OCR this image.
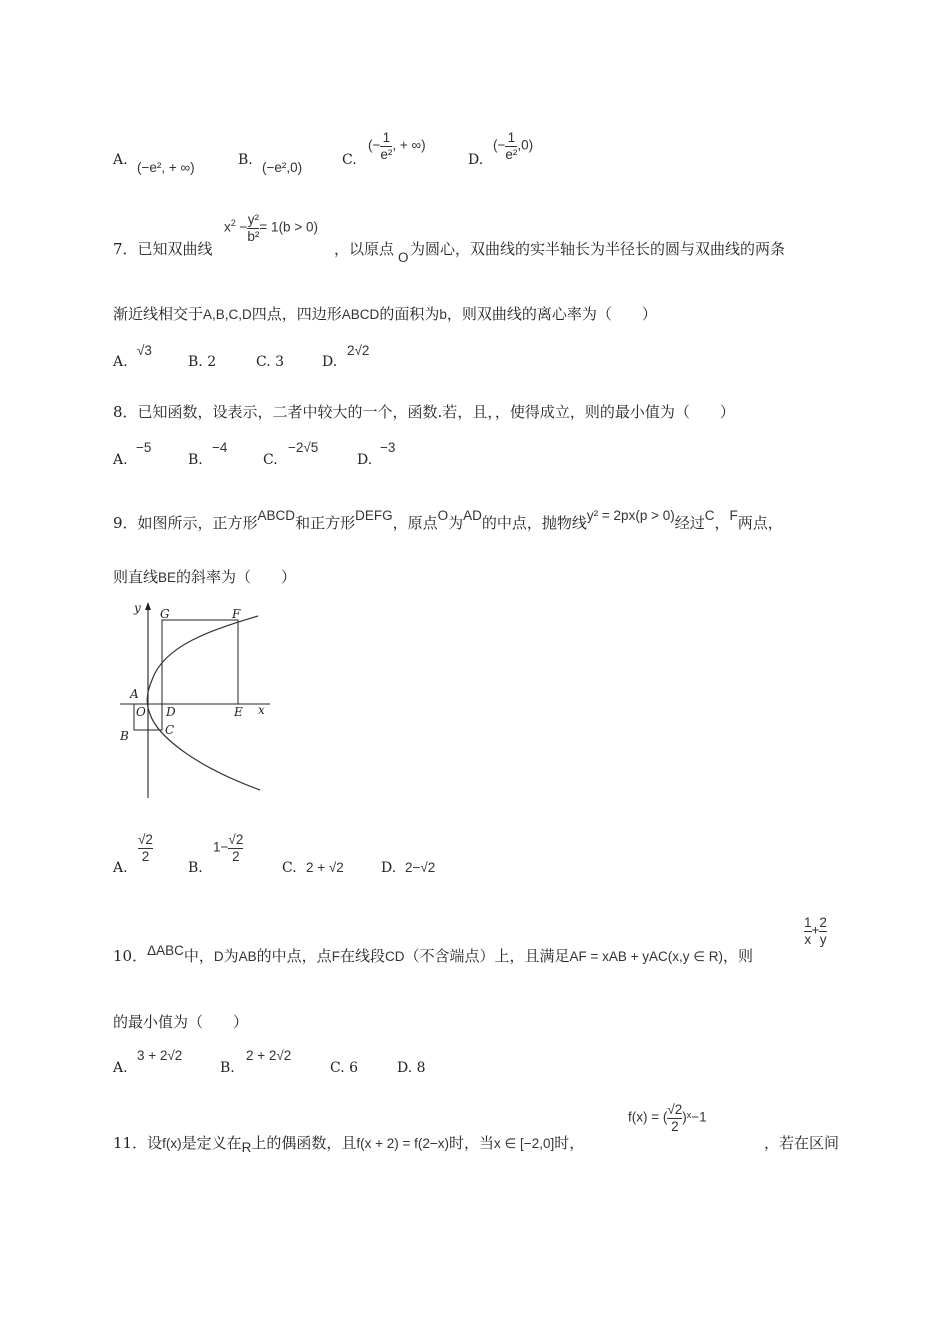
A. (−e², + ∞)	B. (−e²,0)	C.
(− $\frac{1}{\text{e²}}$ , + ∞)
D.
(− $\frac{1}{\text{e²}} ,0$)
7．已知双曲线
$x^2 - \frac{\text{y²}}{\text{b²}} = 1(b > 0)$
，以原点 O 为圆心，双曲线的实半轴长为半径长的圆与双曲线的两条
渐近线相交于A,B,C,D四点，四边形ABCD的面积为b，则双曲线的离心率为（　　）
A.
√3
B. 2	C. 3	D.
2√2
8．已知函数，设表示，二者中较大的一个，函数.若，且，，使得成立，则的最小值为（　　）
A.
−5
B.
−4
C.
−2√5
D.
−3
9．如图所示，正方形ABCD和正方形DEFG，原点O为AD的中点，抛物线y² = 2px(p > 0)经过C，F两点，
则直线BE的斜率为（　　）
y G	F
A
O D	E x
B	C
A.
$\frac{√2}{2}$
B.
$1- \frac{√2}{2}$
C. 2 + √2	D. 2−√2
10．ΔABC中，D为AB的中点，点F在线段CD（不含端点）上，且满足AF = xAB + yAC(x,y ∈ R)，则
$\frac{1}{x} + \frac{2}{y}$
的最小值为（　　）
A.
3 + 2√2
B.
2 + 2√2
C. 6	D. 8
11．设f(x)是定义在R上的偶函数，且f(x + 2) = f(2−x)时，当x ∈ [−2,0]时，
f(x) = ( $\frac{√2}{2}$ )ˣ−1
，若在区间
